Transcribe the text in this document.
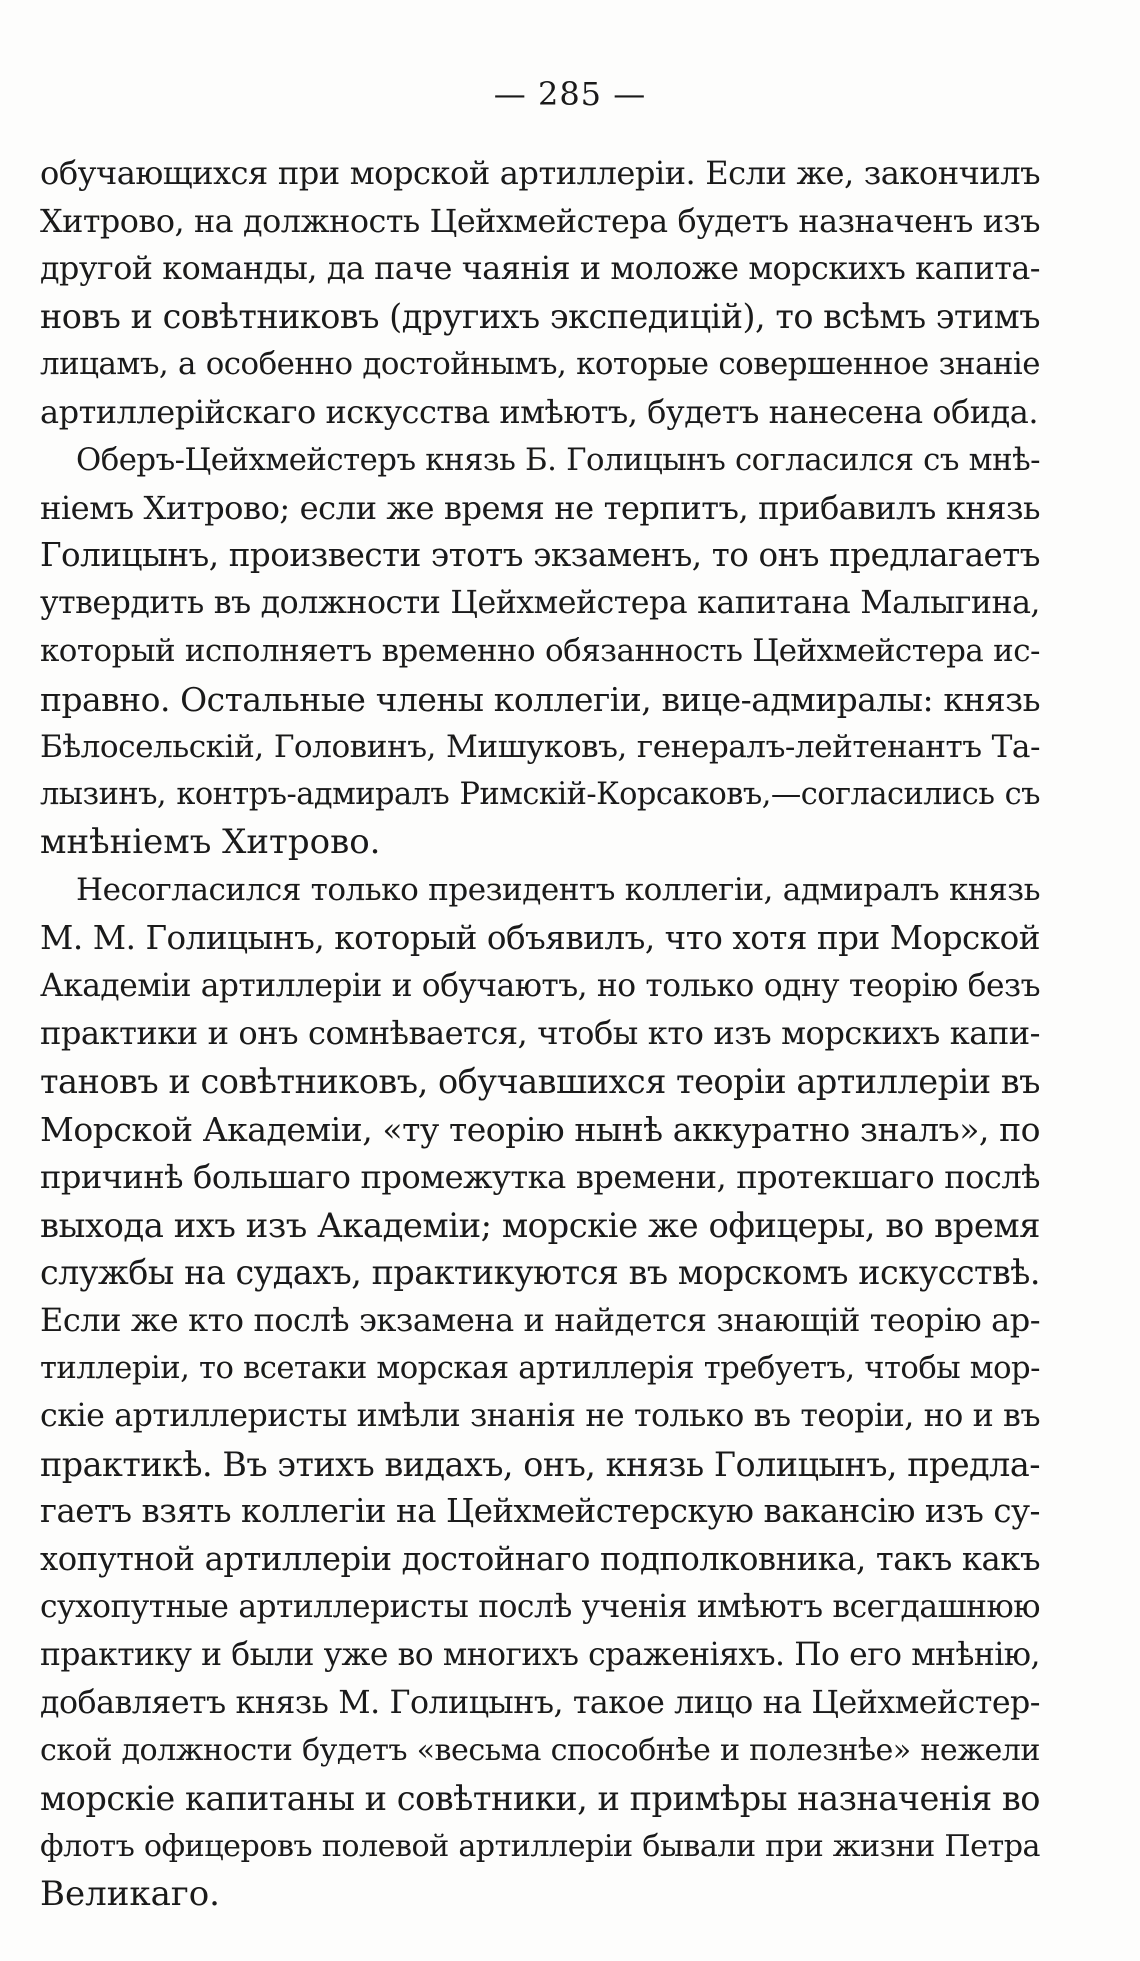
— 285 —

обучающихся при морской артиллеріи. Если же, закончилъ
Хитрово, на должность Цейхмейстера будетъ назначенъ изъ
другой команды, да паче чаянія и моложе морскихъ капита-
новъ и совѣтниковъ (другихъ экспедицій), то всѣмъ этимъ
лицамъ, а особенно достойнымъ, которые совершенное знаніе
артиллерійскаго искусства имѣютъ, будетъ нанесена обида.

Оберъ-Цейхмейстеръ князь Б. Голицынъ согласился съ мнѣ-
ніемъ Хитрово; если же время не терпитъ, прибавилъ князь
Голицынъ, произвести этотъ экзаменъ, то онъ предлагаетъ
утвердить въ должности Цейхмейстера капитана Малыгина,
который исполняетъ временно обязанность Цейхмейстера ис-
правно. Остальные члены коллегіи, вице-адмиралы: князь
Бѣлосельскій, Головинъ, Мишуковъ, генералъ-лейтенантъ Та-
лызинъ, контръ-адмиралъ Римскій-Корсаковъ,—согласились съ
мнѣніемъ Хитрово.

Несогласился только президентъ коллегіи, адмиралъ князь
М. М. Голицынъ, который объявилъ, что хотя при Морской
Академіи артиллеріи и обучаютъ, но только одну теорію безъ
практики и онъ сомнѣвается, чтобы кто изъ морскихъ капи-
тановъ и совѣтниковъ, обучавшихся теоріи артиллеріи въ
Морской Академіи, «ту теорію нынѣ аккуратно зналъ», по
причинѣ большаго промежутка времени, протекшаго послѣ
выхода ихъ изъ Академіи; морскіе же офицеры, во время
службы на судахъ, практикуются въ морскомъ искусствѣ.
Если же кто послѣ экзамена и найдется знающій теорію ар-
тиллеріи, то всетаки морская артиллерія требуетъ, чтобы мор-
скіе артиллеристы имѣли знанія не только въ теоріи, но и въ
практикѣ. Въ этихъ видахъ, онъ, князь Голицынъ, предла-
гаетъ взять коллегіи на Цейхмейстерскую вакансію изъ су-
хопутной артиллеріи достойнаго подполковника, такъ какъ
сухопутные артиллеристы послѣ ученія имѣютъ всегдашнюю
практику и были уже во многихъ сраженіяхъ. По его мнѣнію,
добавляетъ князь М. Голицынъ, такое лицо на Цейхмейстер-
ской должности будетъ «весьма способнѣе и полезнѣе» нежели
морскіе капитаны и совѣтники, и примѣры назначенія во
флотъ офицеровъ полевой артиллеріи бывали при жизни Петра
Великаго.
